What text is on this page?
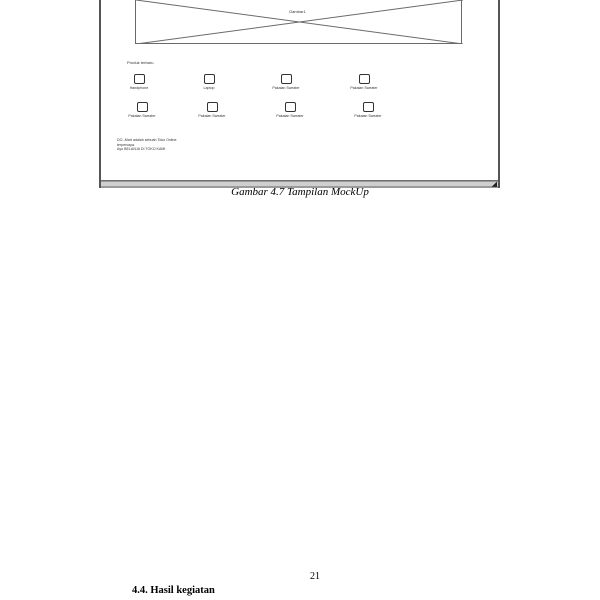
Gambar1
Produk terbaru
Handphone	Laptop	Pakaian Sweater	Pakaian Sweater
Pakaian Sweater	Pakaian Sweater	Pakaian Sweater	Pakaian Sweater
DO--Mart adalah sebuah Toko Online
terpercaya.
Ayo BELANJA DI TOKO KAMI
◢
Gambar 4.7 Tampilan MockUp
21
4.4. Hasil kegiatan
